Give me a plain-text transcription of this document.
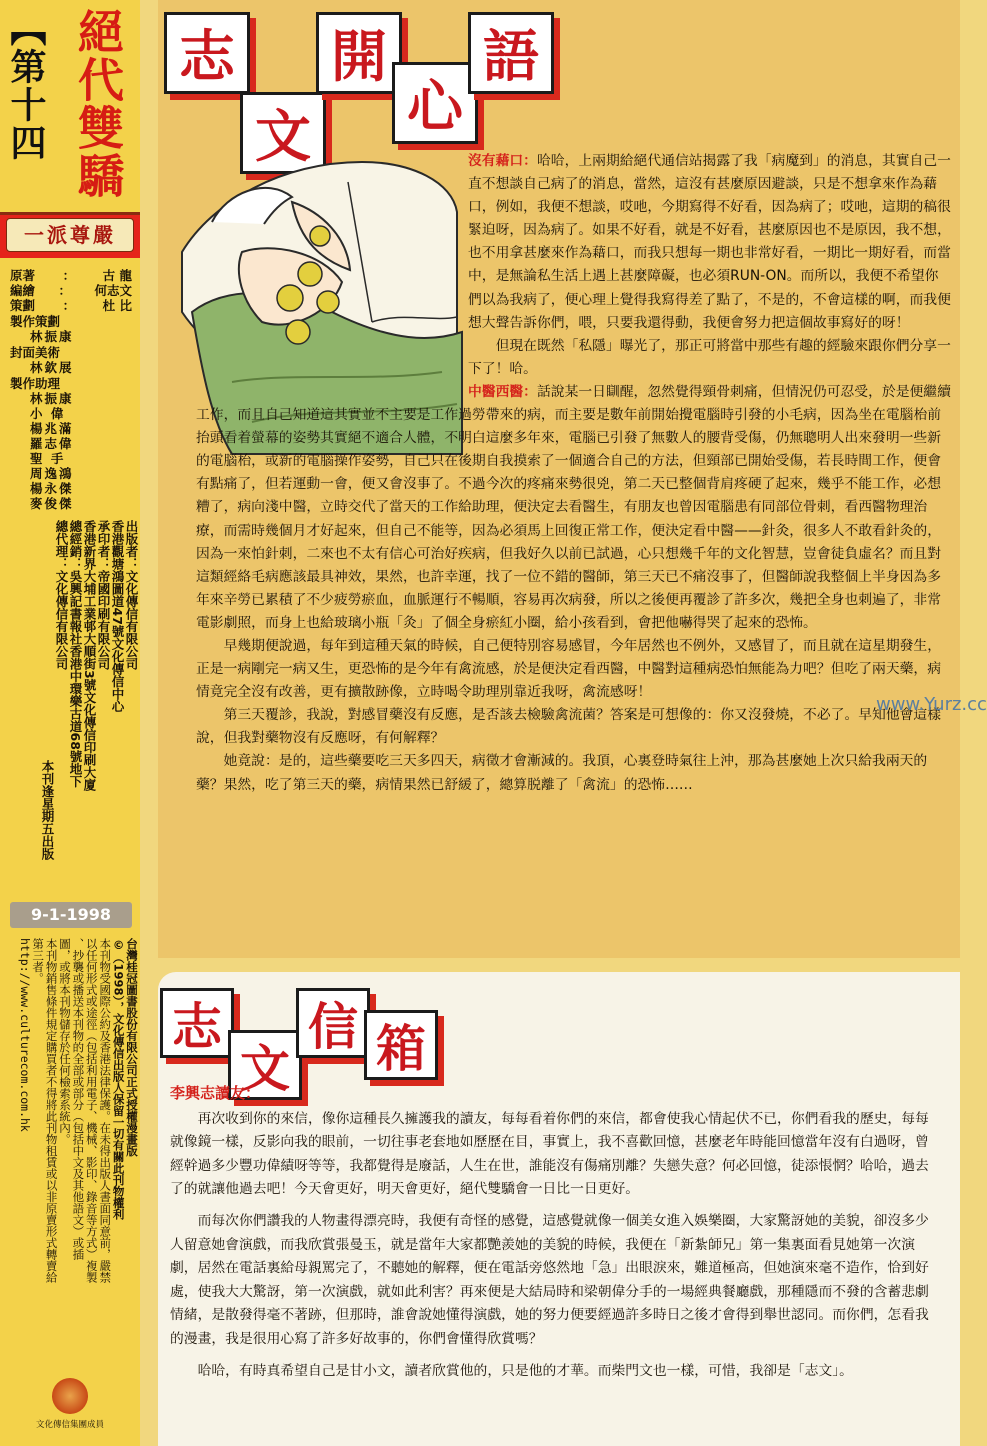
【第十四 絕代雙驕
一派尊嚴
原著 ： 古 龍
編繪 ： 何志文
策劃 ： 杜 比
製作策劃
林振康
封面美術
林欽展
製作助理
林振康
小 偉
楊兆滿
羅志偉
聖 手
周逸鴻
楊永傑
麥俊傑
出版者：文化傳信有限公司
香港觀塘鴻圖道47號文化傳信中心
承印者：帝國印刷有限公司
香港新界大埔工業邨大順街3號文化傳信印刷大廈
總經銷：吳興記書報社香港中環樂古道68號地下
總代理：文化傳信有限公司
本刊逢星期五出版
9-1-1998
台灣桂冠圖書股份有限公司正式授權漫畫版
©（1998），文化傳信出版人保留一切有關此刊物權利
本刊物受國際公約及香港法律保護。在未得出版人書面同意前，嚴禁
以任何形式或途徑（包括利用電子、機械、影印、錄音等方式）複製
、抄襲或播送本刊物的全部或部分（包括中文及其他語文）或插
圖，或將本刊物儲存於任何檢索系統內。
本刊物銷售條件規定購買者不得將此刊物租賃或以非原賣形式轉賣給
第三者。
http://www.culturecom.com.hk
文化傳信集團成員
志
文
開
心
語
沒有藉口：哈哈，上兩期給絕代通信站揭露了我「病魔到」的消息，其實自己一直不想談自己病了的消息，當然，這沒有甚麼原因避談，只是不想拿來作為藉口，例如，我便不想談，哎吔，今期寫得不好看，因為病了；哎吔，這期的稿很緊迫呀，因為病了。如果不好看，就是不好看，甚麼原因也不是原因，我不想，也不用拿甚麼來作為藉口，而我只想每一期也非常好看，一期比一期好看，而當中，是無論私生活上遇上甚麼障礙，也必須RUN-ON。而所以，我便不希望你們以為我病了，便心理上覺得我寫得差了點了，不是的，不會這樣的啊，而我便想大聲告訴你們，喂，只要我還得動，我便會努力把這個故事寫好的呀！
但現在既然「私隱」曝光了，那正可將當中那些有趣的經驗來跟你們分享一下了！哈。
中醫西醫：話說某一日瞓醒，忽然覺得頸骨刺痛，但情況仍可忍受，於是便繼續工作，而且自己知道這其實並不主要是工作過勞帶來的病，而主要是數年前開始攪電腦時引發的小毛病，因為坐在電腦枱前抬頭看着螢幕的姿勢其實絕不適合人體，不明白這麼多年來，電腦已引發了無數人的腰背受傷，仍無聰明人出來發明一些新的電腦枱，或新的電腦操作姿勢，自己只在後期自我摸索了一個適合自己的方法，但頸部已開始受傷，若長時間工作，便會有點痛了，但若運動一會，便又會沒事了。不過今次的疼痛來勢很兇，第二天已整個背肩疼硬了起來，幾乎不能工作，必想糟了，病向淺中醫，立時交代了當天的工作給助理，便決定去看醫生，有朋友也曾因電腦患有同部位骨刺，看西醫物理治療，而需時幾個月才好起來，但自己不能等，因為必須馬上回復正常工作，便決定看中醫——針灸，很多人不敢看針灸的，因為一來怕針刺，二來也不太有信心可治好疾病，但我好久以前已試過，心只想幾千年的文化智慧，豈會徒負虛名？而且對這類經絡毛病應該最具神效，果然，也許幸運，找了一位不錯的醫師，第三天已不痛沒事了，但醫師說我整個上半身因為多年來辛勞已累積了不少疲勞瘀血，血脈運行不暢順，容易再次病發，所以之後便再覆診了許多次，幾把全身也刺遍了，非常電影劇照，而身上也給玻璃小瓶「灸」了個全身瘀紅小圈，給小孩看到，會把他嚇得哭了起來的恐怖。
早幾期便說過，每年到這種天氣的時候，自己便特別容易感冒，今年居然也不例外，又感冒了，而且就在這星期發生，正是一病剛完一病又生，更恐怖的是今年有禽流感，於是便決定看西醫，中醫對這種病恐怕無能為力吧？但吃了兩天藥，病情竟完全沒有改善，更有擴散跡像，立時喝令助理別靠近我呀，禽流感呀！
第三天覆診，我說，對感冒藥沒有反應，是否該去檢驗禽流菌？答案是可想像的：你又沒發燒，不必了。早知他會這樣說，但我對藥物沒有反應呀，有何解釋？
她竟說：是的，這些藥要吃三天多四天，病徵才會漸減的。我頂，心裏登時氣往上沖，那為甚麼她上次只給我兩天的藥？果然，吃了第三天的藥，病情果然已舒緩了，總算脱離了「禽流」的恐怖……
www.Yurz.cc
志
文
信 箱
李興志讀友：
再次收到你的來信，像你這種長久擁護我的讀友，每每看着你們的來信，都會使我心情起伏不已，你們看我的歷史，每每就像鏡一樣，反影向我的眼前，一切往事老套地如歷歷在目，事實上，我不喜歡回憶，甚麼老年時能回憶當年沒有白過呀，曾經幹過多少豐功偉績呀等等，我都覺得是廢話，人生在世，誰能沒有傷痛別離？失戀失意？何必回憶，徒添悵惘？哈哈，過去了的就讓他過去吧！今天會更好，明天會更好，絕代雙驕會一日比一日更好。
而每次你們讚我的人物畫得漂亮時，我便有奇怪的感覺，這感覺就像一個美女進入娛樂圈，大家驚訝她的美貌，卻沒多少人留意她會演戲，而我欣賞張曼玉，就是當年大家都艷羨她的美貌的時候，我便在「新紮師兄」第一集裏面看見她第一次演劇，居然在電話裏給母親罵完了，不聽她的解釋，便在電話旁悠然地「急」出眼淚來，難道極高，但她演來毫不造作，恰到好處，使我大大驚訝，第一次演戲，就如此利害？再來便是大結局時和梁朝偉分手的一場經典餐廳戲，那種隱而不發的含蓄悲劇情緒，是散發得毫不著跡，但那時，誰會說她懂得演戲，她的努力便要經過許多時日之後才會得到舉世認同。而你們，怎看我的漫畫，我是很用心寫了許多好故事的，你們會懂得欣賞嗎？
哈哈，有時真希望自己是甘小文，讀者欣賞他的，只是他的才華。而柴門文也一樣，可惜，我卻是「志文」。
